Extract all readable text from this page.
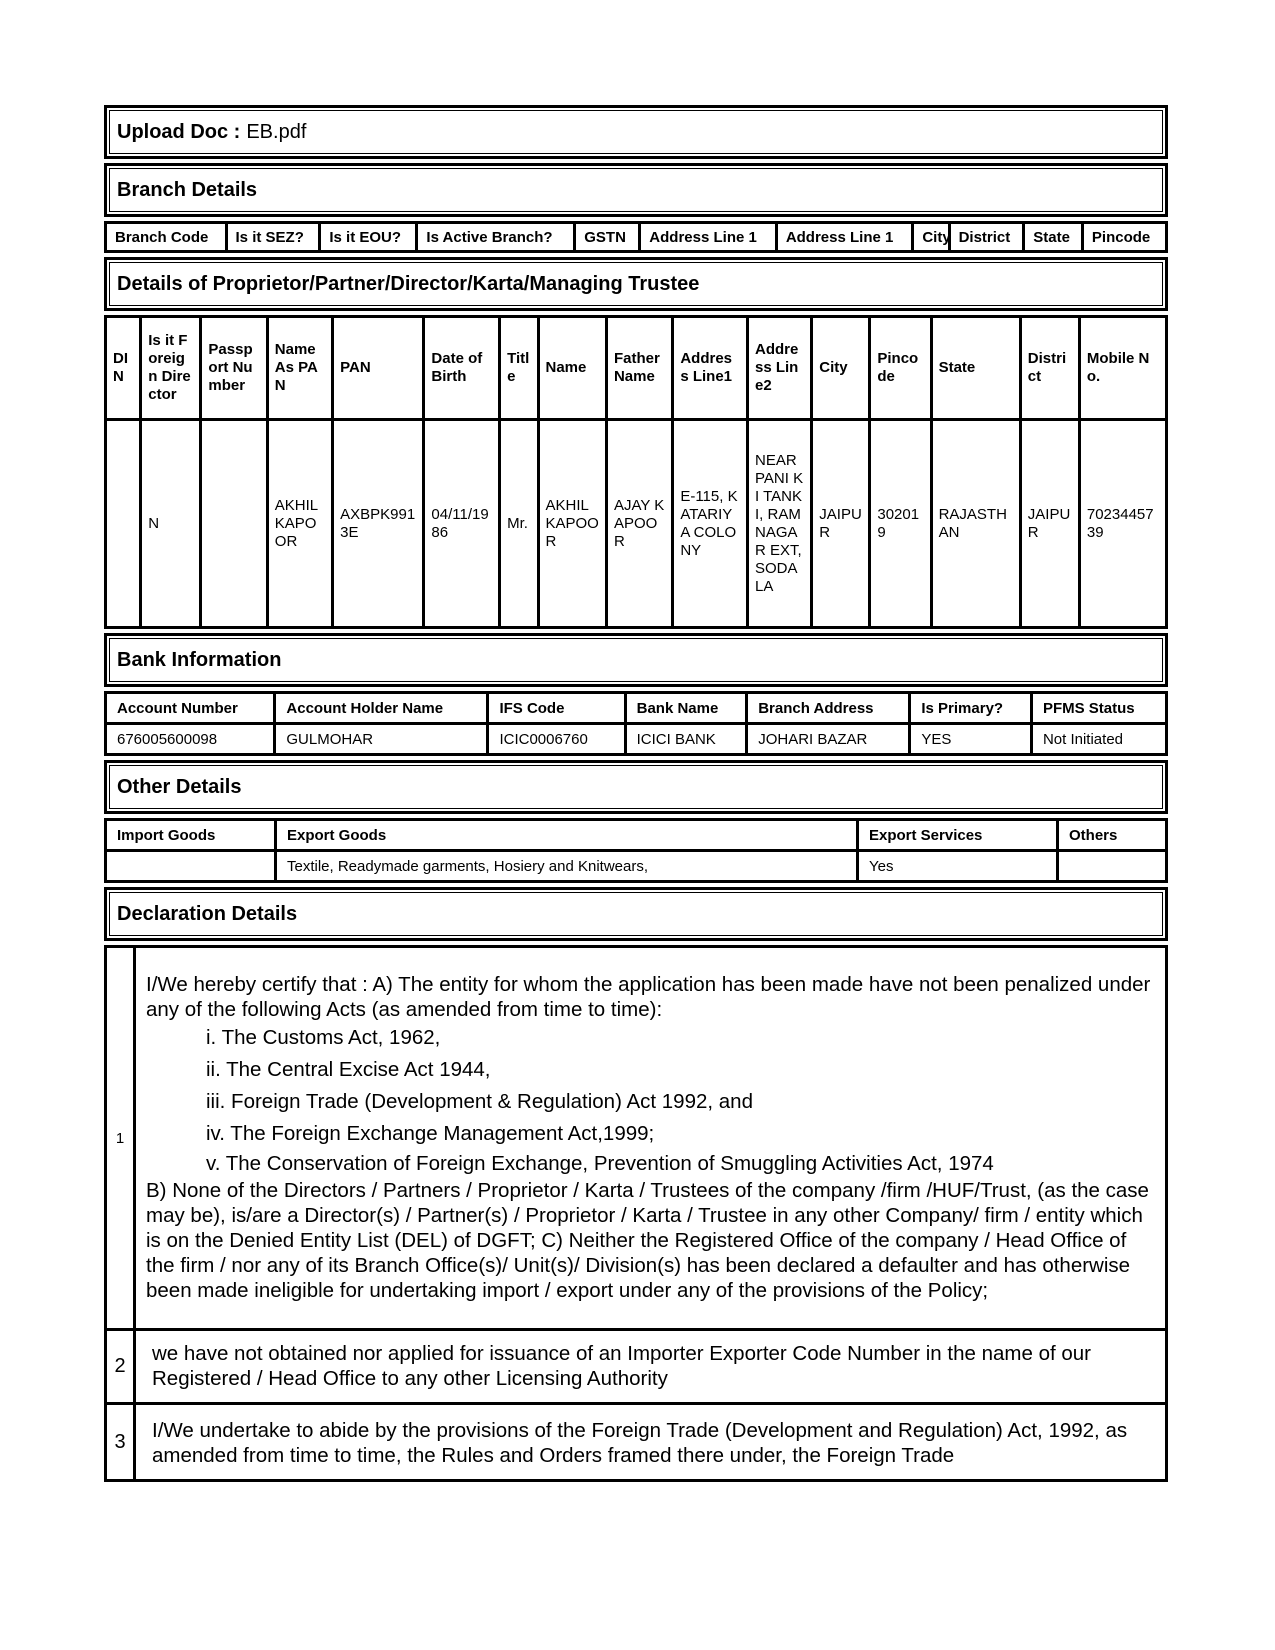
Upload Doc : EB.pdf
Branch Details
Branch Code	Is it SEZ?	Is it EOU?	Is Active Branch?	GSTN	Address Line 1	Address Line 1	City	District	State	Pincode
Details of Proprietor/Partner/Director/Karta/Managing Trustee
DIN	Is it Foreign Director	Passport Number	Name As PAN	PAN	Date of Birth	Title	Name	Father Name	Address Line1	Address Line2	City	Pincode	State	District	Mobile No.
	N		AKHIL KAPOOR	AXBPK9913E	04/11/1986	Mr.	AKHIL KAPOOR	AJAY KAPOOR	E-115, KATARIYA COLONY	NEAR PANI KI TANKI, RAM NAGAR EXT, SODALA	JAIPUR	302019	RAJASTHAN	JAIPUR	7023445739
Bank Information
Account Number	Account Holder Name	IFS Code	Bank Name	Branch Address	Is Primary?	PFMS Status
676005600098	GULMOHAR	ICIC0006760	ICICI BANK	JOHARI BAZAR	YES	Not Initiated
Other Details
Import Goods	Export Goods	Export Services	Others
	Textile, Readymade garments, Hosiery and Knitwears,	Yes	
Declaration Details
1	I/We hereby certify that : A) The entity for whom the application has been made have not been penalized under any of the following Acts (as amended from time to time):
i. The Customs Act, 1962,
ii. The Central Excise Act 1944,
iii. Foreign Trade (Development & Regulation) Act 1992, and
iv. The Foreign Exchange Management Act,1999;
v. The Conservation of Foreign Exchange, Prevention of Smuggling Activities Act, 1974
B) None of the Directors / Partners / Proprietor / Karta / Trustees of the company /firm /HUF/Trust, (as the case may be), is/are a Director(s) / Partner(s) / Proprietor / Karta / Trustee in any other Company/ firm / entity which is on the Denied Entity List (DEL) of DGFT; C) Neither the Registered Office of the company / Head Office of the firm / nor any of its Branch Office(s)/ Unit(s)/ Division(s) has been declared a defaulter and has otherwise been made ineligible for undertaking import / export under any of the provisions of the Policy;
2	we have not obtained nor applied for issuance of an Importer Exporter Code Number in the name of our Registered / Head Office to any other Licensing Authority
3	I/We undertake to abide by the provisions of the Foreign Trade (Development and Regulation) Act, 1992, as amended from time to time, the Rules and Orders framed there under, the Foreign Trade
